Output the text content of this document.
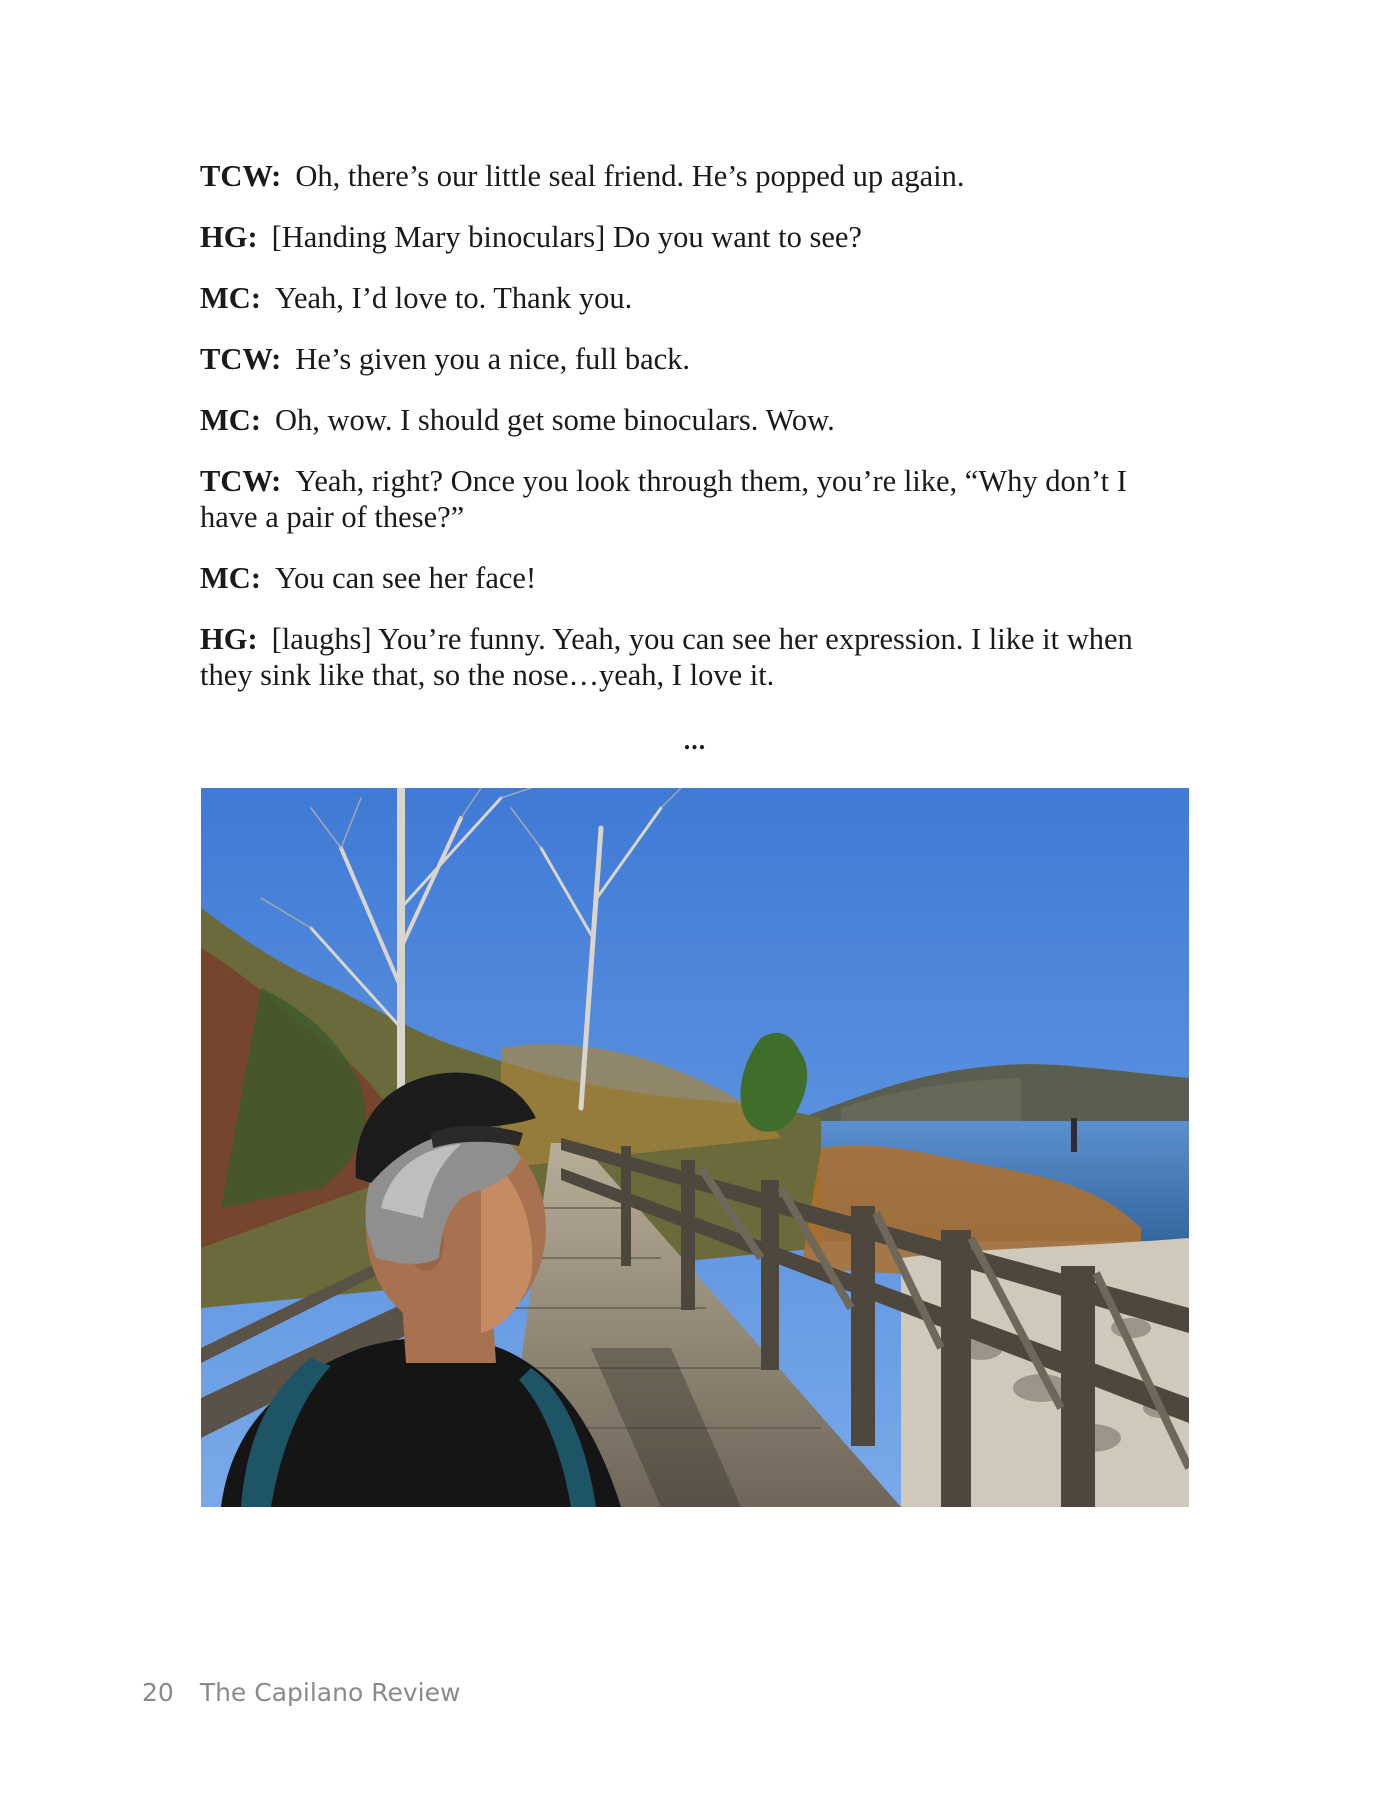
TCW: Oh, there’s our little seal friend. He’s popped up again.

HG: [Handing Mary binoculars] Do you want to see?

MC: Yeah, I’d love to. Thank you.

TCW: He’s given you a nice, full back.

MC: Oh, wow. I should get some binoculars. Wow.

TCW: Yeah, right? Once you look through them, you’re like, “Why don’t I have a pair of these?”

MC: You can see her face!

HG: [laughs] You’re funny. Yeah, you can see her expression. I like it when they sink like that, so the nose…yeah, I love it.

...
20 The Capilano Review
